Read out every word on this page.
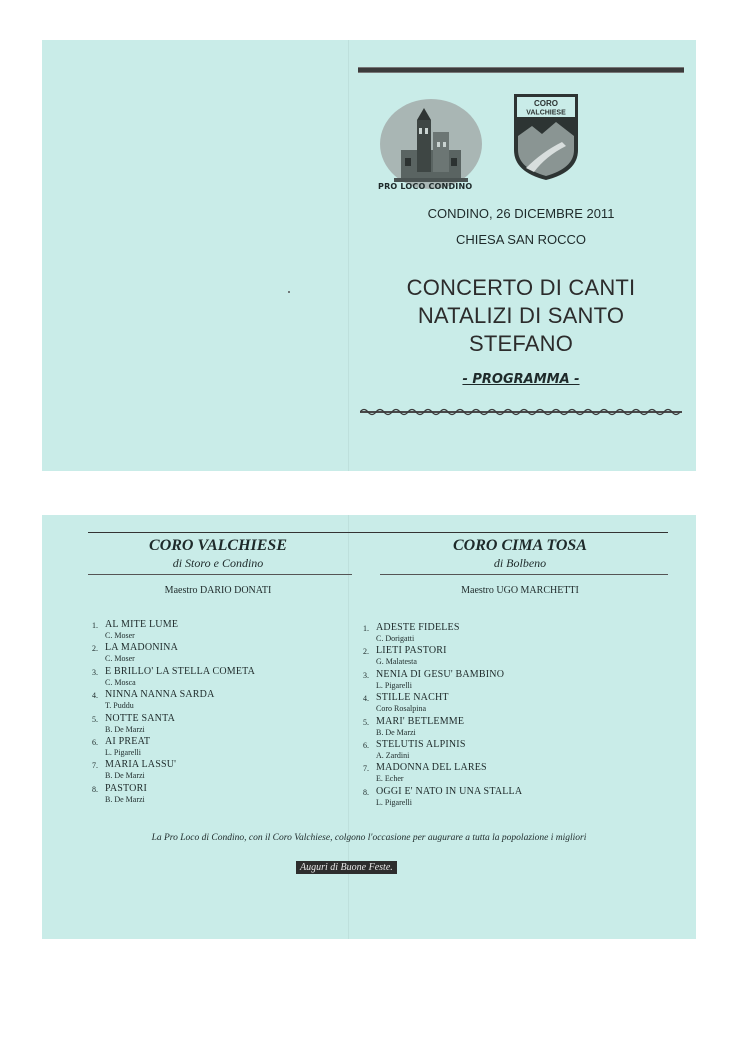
CORO
VALCHIESE
PRO LOCO CONDINO
CONDINO, 26 DICEMBRE 2011
CHIESA SAN ROCCO
CONCERTO DI CANTI
NATALIZI DI SANTO
STEFANO
- PROGRAMMA -
CORO VALCHIESE
di Storo e Condino
Maestro DARIO DONATI
1. AL MITE LUME
C. Moser
2. LA MADONINA
C. Moser
3. E BRILLO' LA STELLA COMETA
C. Mosca
4. NINNA NANNA SARDA
T. Puddu
5. NOTTE SANTA
B. De Marzi
6. AI PREAT
L. Pigarelli
7. MARIA LASSU'
B. De Marzi
8. PASTORI
B. De Marzi
CORO CIMA TOSA
di Bolbeno
Maestro UGO MARCHETTI
1. ADESTE FIDELES
C. Dorigatti
2. LIETI PASTORI
G. Malatesta
3. NENIA DI GESU' BAMBINO
L. Pigarelli
4. STILLE NACHT
Coro Rosalpina
5. MARI' BETLEMME
B. De Marzi
6. STELUTIS ALPINIS
A. Zardini
7. MADONNA DEL LARES
E. Echer
8. OGGI E' NATO IN UNA STALLA
L. Pigarelli
La Pro Loco di Condino, con il Coro Valchiese, colgono l'occasione per augurare a tutta la popolazione i migliori
Auguri di Buone Feste.
